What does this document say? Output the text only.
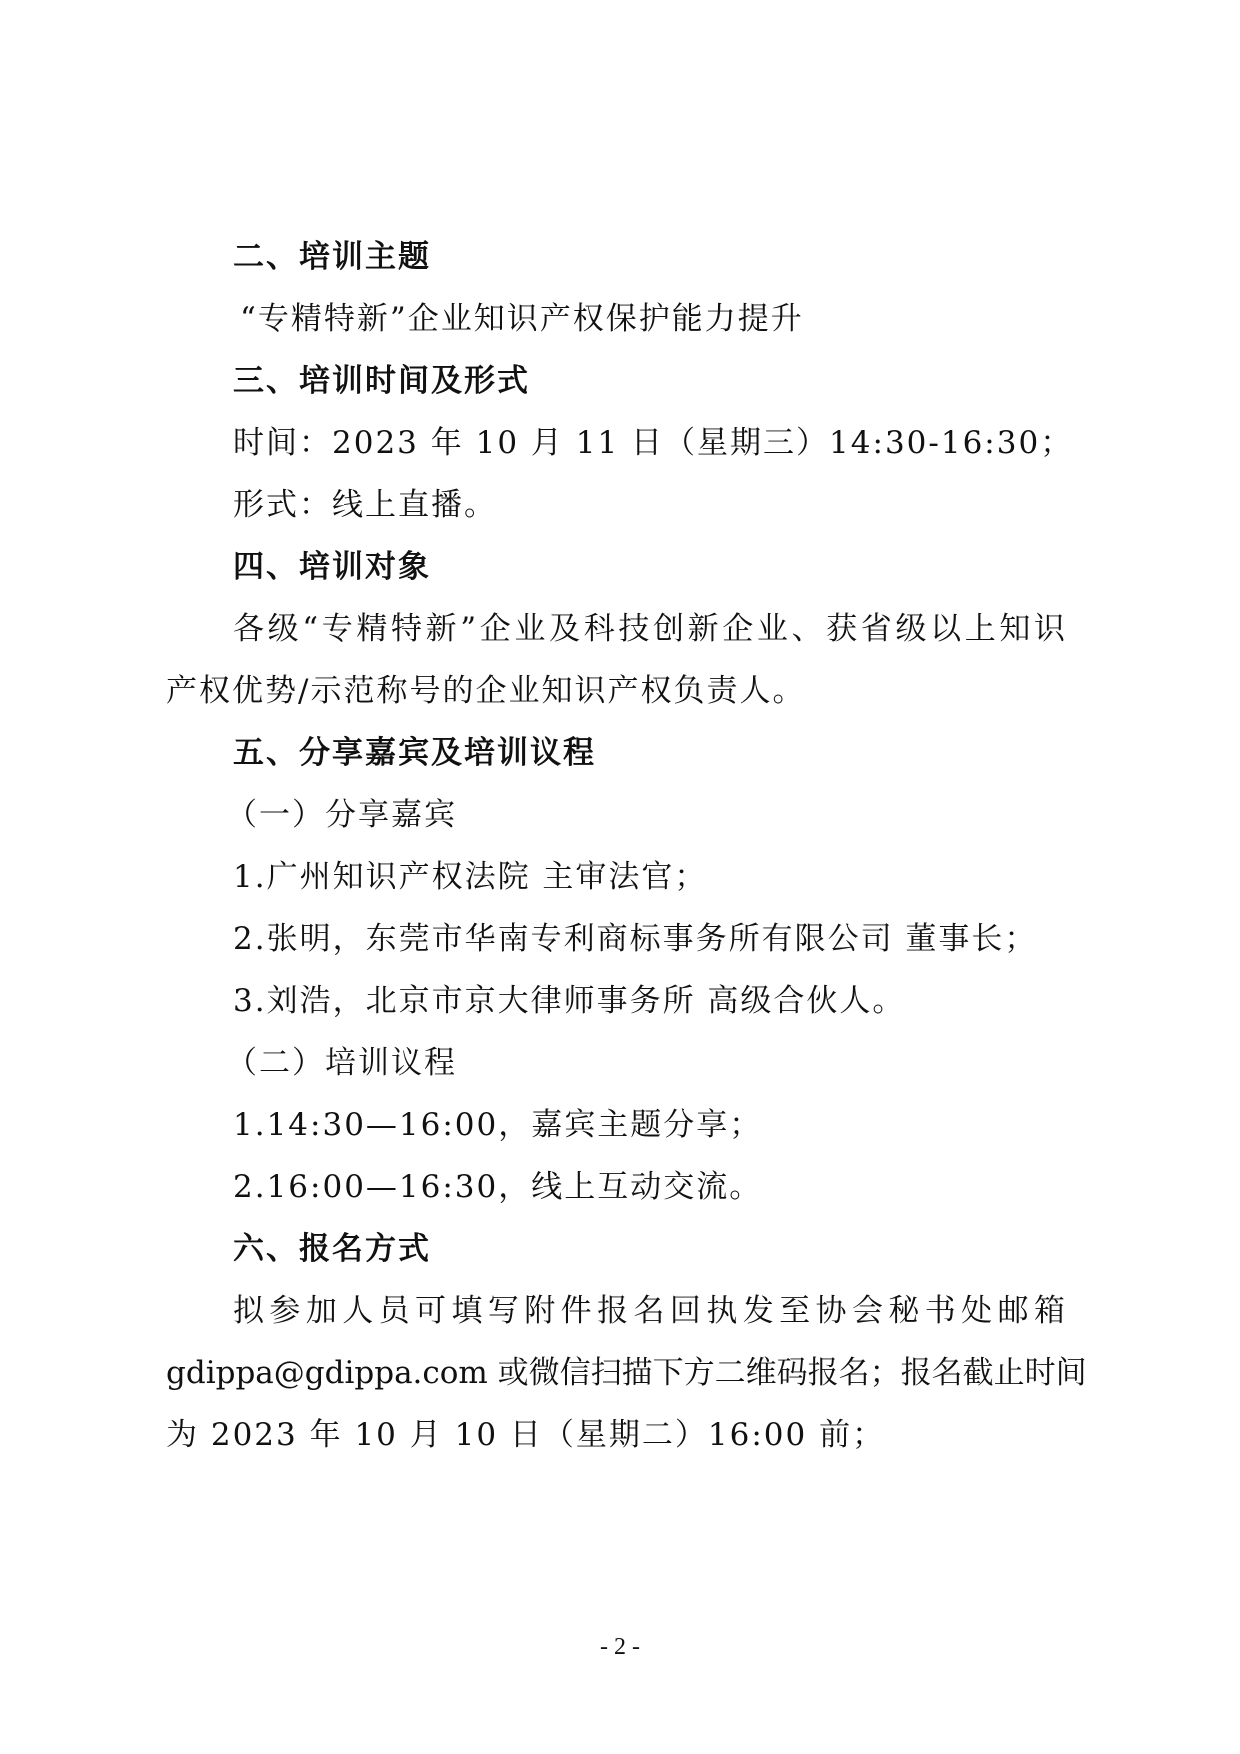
二、培训主题
“专精特新”企业知识产权保护能力提升
三、培训时间及形式
时间：2023 年 10 月 11 日（星期三）14:30-16:30；
形式：线上直播。
四、培训对象
各级“专精特新”企业及科技创新企业、获省级以上知识
产权优势/示范称号的企业知识产权负责人。
五、分享嘉宾及培训议程
（一）分享嘉宾
1.广州知识产权法院 主审法官；
2.张明，东莞市华南专利商标事务所有限公司 董事长；
3.刘浩，北京市京大律师事务所 高级合伙人。
（二）培训议程
1.14:30—16:00，嘉宾主题分享；
2.16:00—16:30，线上互动交流。
六、报名方式
拟参加人员可填写附件报名回执发至协会秘书处邮箱
gdippa@gdippa.com 或微信扫描下方二维码报名；报名截止时间
为 2023 年 10 月 10 日（星期二）16:00 前；
- 2 -
